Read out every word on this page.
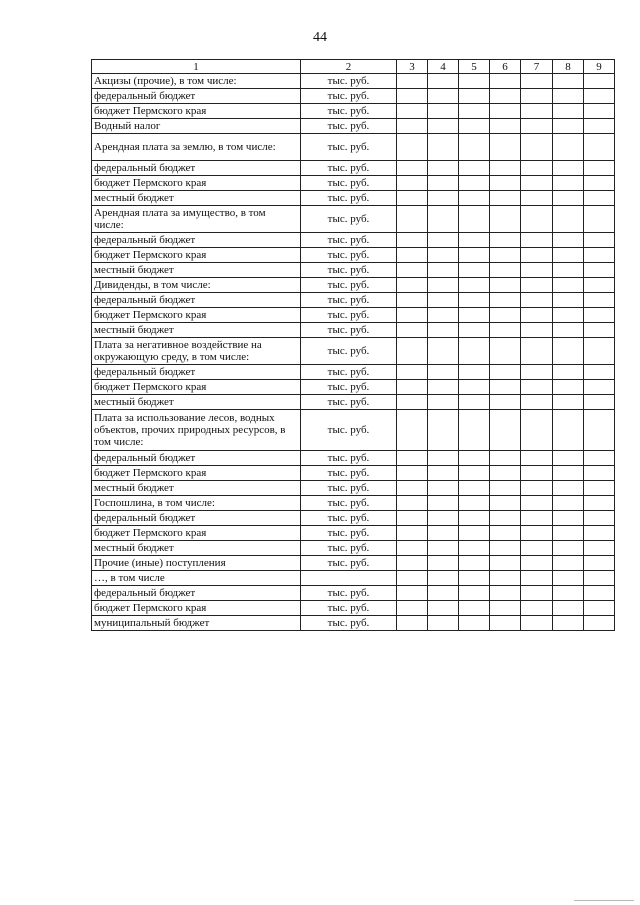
44
1	2	3	4	5	6	7	8	9
Акцизы (прочие), в том числе:	тыс. руб.							
федеральный бюджет	тыс. руб.							
бюджет Пермского края	тыс. руб.							
Водный налог	тыс. руб.							
Арендная плата за землю, в том числе:	тыс. руб.							
федеральный бюджет	тыс. руб.							
бюджет Пермского края	тыс. руб.							
местный бюджет	тыс. руб.							
Арендная плата за имущество, в том числе:	тыс. руб.							
федеральный бюджет	тыс. руб.							
бюджет Пермского края	тыс. руб.							
местный бюджет	тыс. руб.							
Дивиденды, в том числе:	тыс. руб.							
федеральный бюджет	тыс. руб.							
бюджет Пермского края	тыс. руб.							
местный бюджет	тыс. руб.							
Плата за негативное воздействие на окружающую среду, в том числе:	тыс. руб.							
федеральный бюджет	тыс. руб.							
бюджет Пермского края	тыс. руб.							
местный бюджет	тыс. руб.							
Плата за использование лесов, водных объектов, прочих природных ресурсов, в том числе:	тыс. руб.							
федеральный бюджет	тыс. руб.							
бюджет Пермского края	тыс. руб.							
местный бюджет	тыс. руб.							
Госпошлина, в том числе:	тыс. руб.							
федеральный бюджет	тыс. руб.							
бюджет Пермского края	тыс. руб.							
местный бюджет	тыс. руб.							
Прочие (иные) поступления	тыс. руб.							
…, в том числе								
федеральный бюджет	тыс. руб.							
бюджет Пермского края	тыс. руб.							
муниципальный бюджет	тыс. руб.							
